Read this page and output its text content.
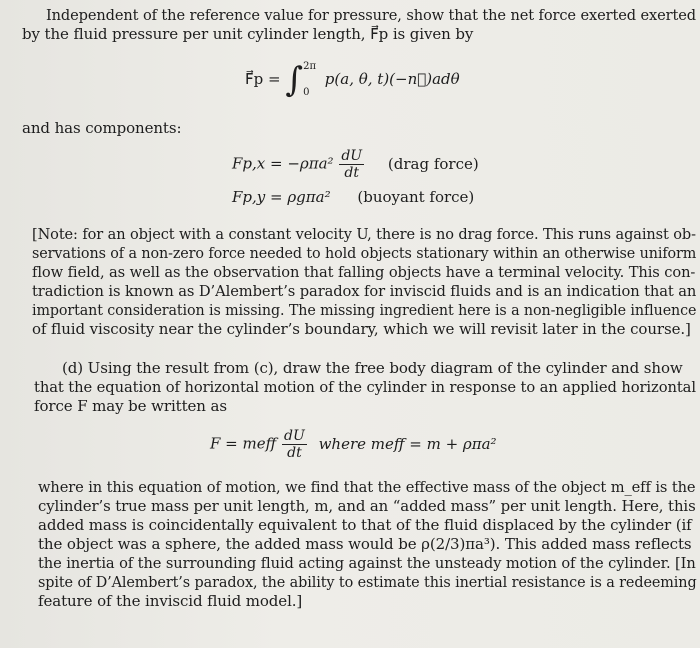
Independent of the reference value for pressure, show that the net force exerted exerted
by the fluid pressure per unit cylinder length, F⃗p is given by
F⃗p = ∫ 2π
0
p(a, θ, t)(−n⃗)adθ
and has components:
$Fp,x = -\rho\pi a^2 \frac{dU}{dt}$ (drag force)
Fp,y = ρgπa² (buoyant force)
[Note: for an object with a constant velocity U, there is no drag force. This runs against ob-
servations of a non-zero force needed to hold objects stationary within an otherwise uniform
flow field, as well as the observation that falling objects have a terminal velocity. This con-
tradiction is known as D’Alembert’s paradox for inviscid fluids and is an indication that an
important consideration is missing. The missing ingredient here is a non-negligible influence
of fluid viscosity near the cylinder’s boundary, which we will revisit later in the course.]
(d) Using the result from (c), draw the free body diagram of the cylinder and show
that the equation of horizontal motion of the cylinder in response to an applied horizontal
force F may be written as
F = meff $\frac{dU}{dt}$ where meff = m + ρπa²
where in this equation of motion, we find that the effective mass of the object m_eff is the
cylinder’s true mass per unit length, m, and an “added mass” per unit length. Here, this
added mass is coincidentally equivalent to that of the fluid displaced by the cylinder (if
the object was a sphere, the added mass would be ρ(2/3)πa³). This added mass reflects
the inertia of the surrounding fluid acting against the unsteady motion of the cylinder. [In
spite of D’Alembert’s paradox, the ability to estimate this inertial resistance is a redeeming
feature of the inviscid fluid model.]
